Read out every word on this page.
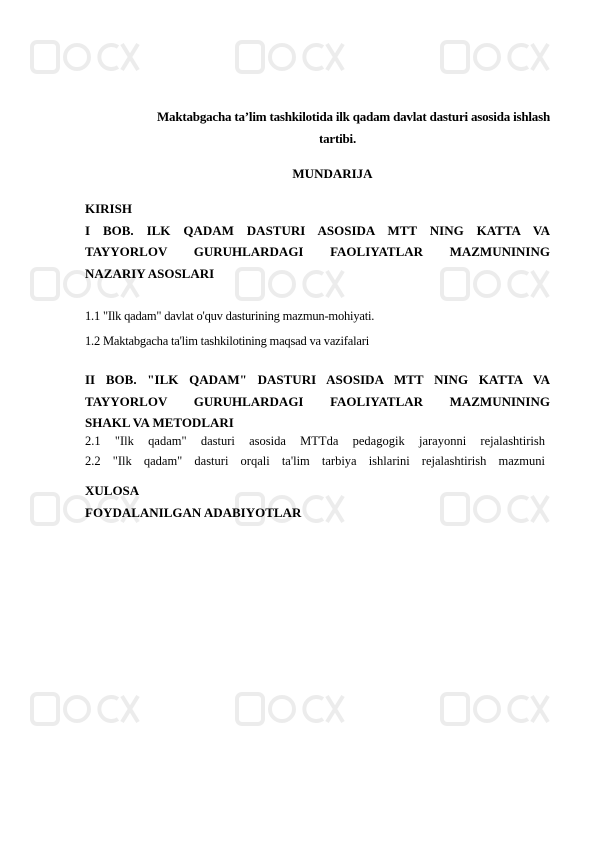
Maktabgacha ta’lim tashkilotida ilk qadam davlat dasturi asosida ishlash
tartibi.
MUNDARIJA
KIRISH
I BOB. ILK QADAM DASTURI ASOSIDA MTT NING KATTA VA
TAYYORLOV GURUHLARDAGI FAOLIYATLAR MAZMUNINING
NAZARIY ASOSLARI
1.1 "Ilk qadam" davlat o'quv dasturining mazmun-mohiyati.
1.2 Maktabgacha ta'lim tashkilotining maqsad va vazifalari
II BOB. "ILK QADAM" DASTURI ASOSIDA MTT NING KATTA VA
TAYYORLOV GURUHLARDAGI FAOLIYATLAR MAZMUNINING
SHAKL VA METODLARI
2.1 "Ilk qadam" dasturi asosida MTTda pedagogik jarayonni rejalashtirish
2.2 "Ilk qadam" dasturi orqali ta'lim tarbiya ishlarini rejalashtirish mazmuni
XULOSA
FOYDALANILGAN ADABIYOTLAR
